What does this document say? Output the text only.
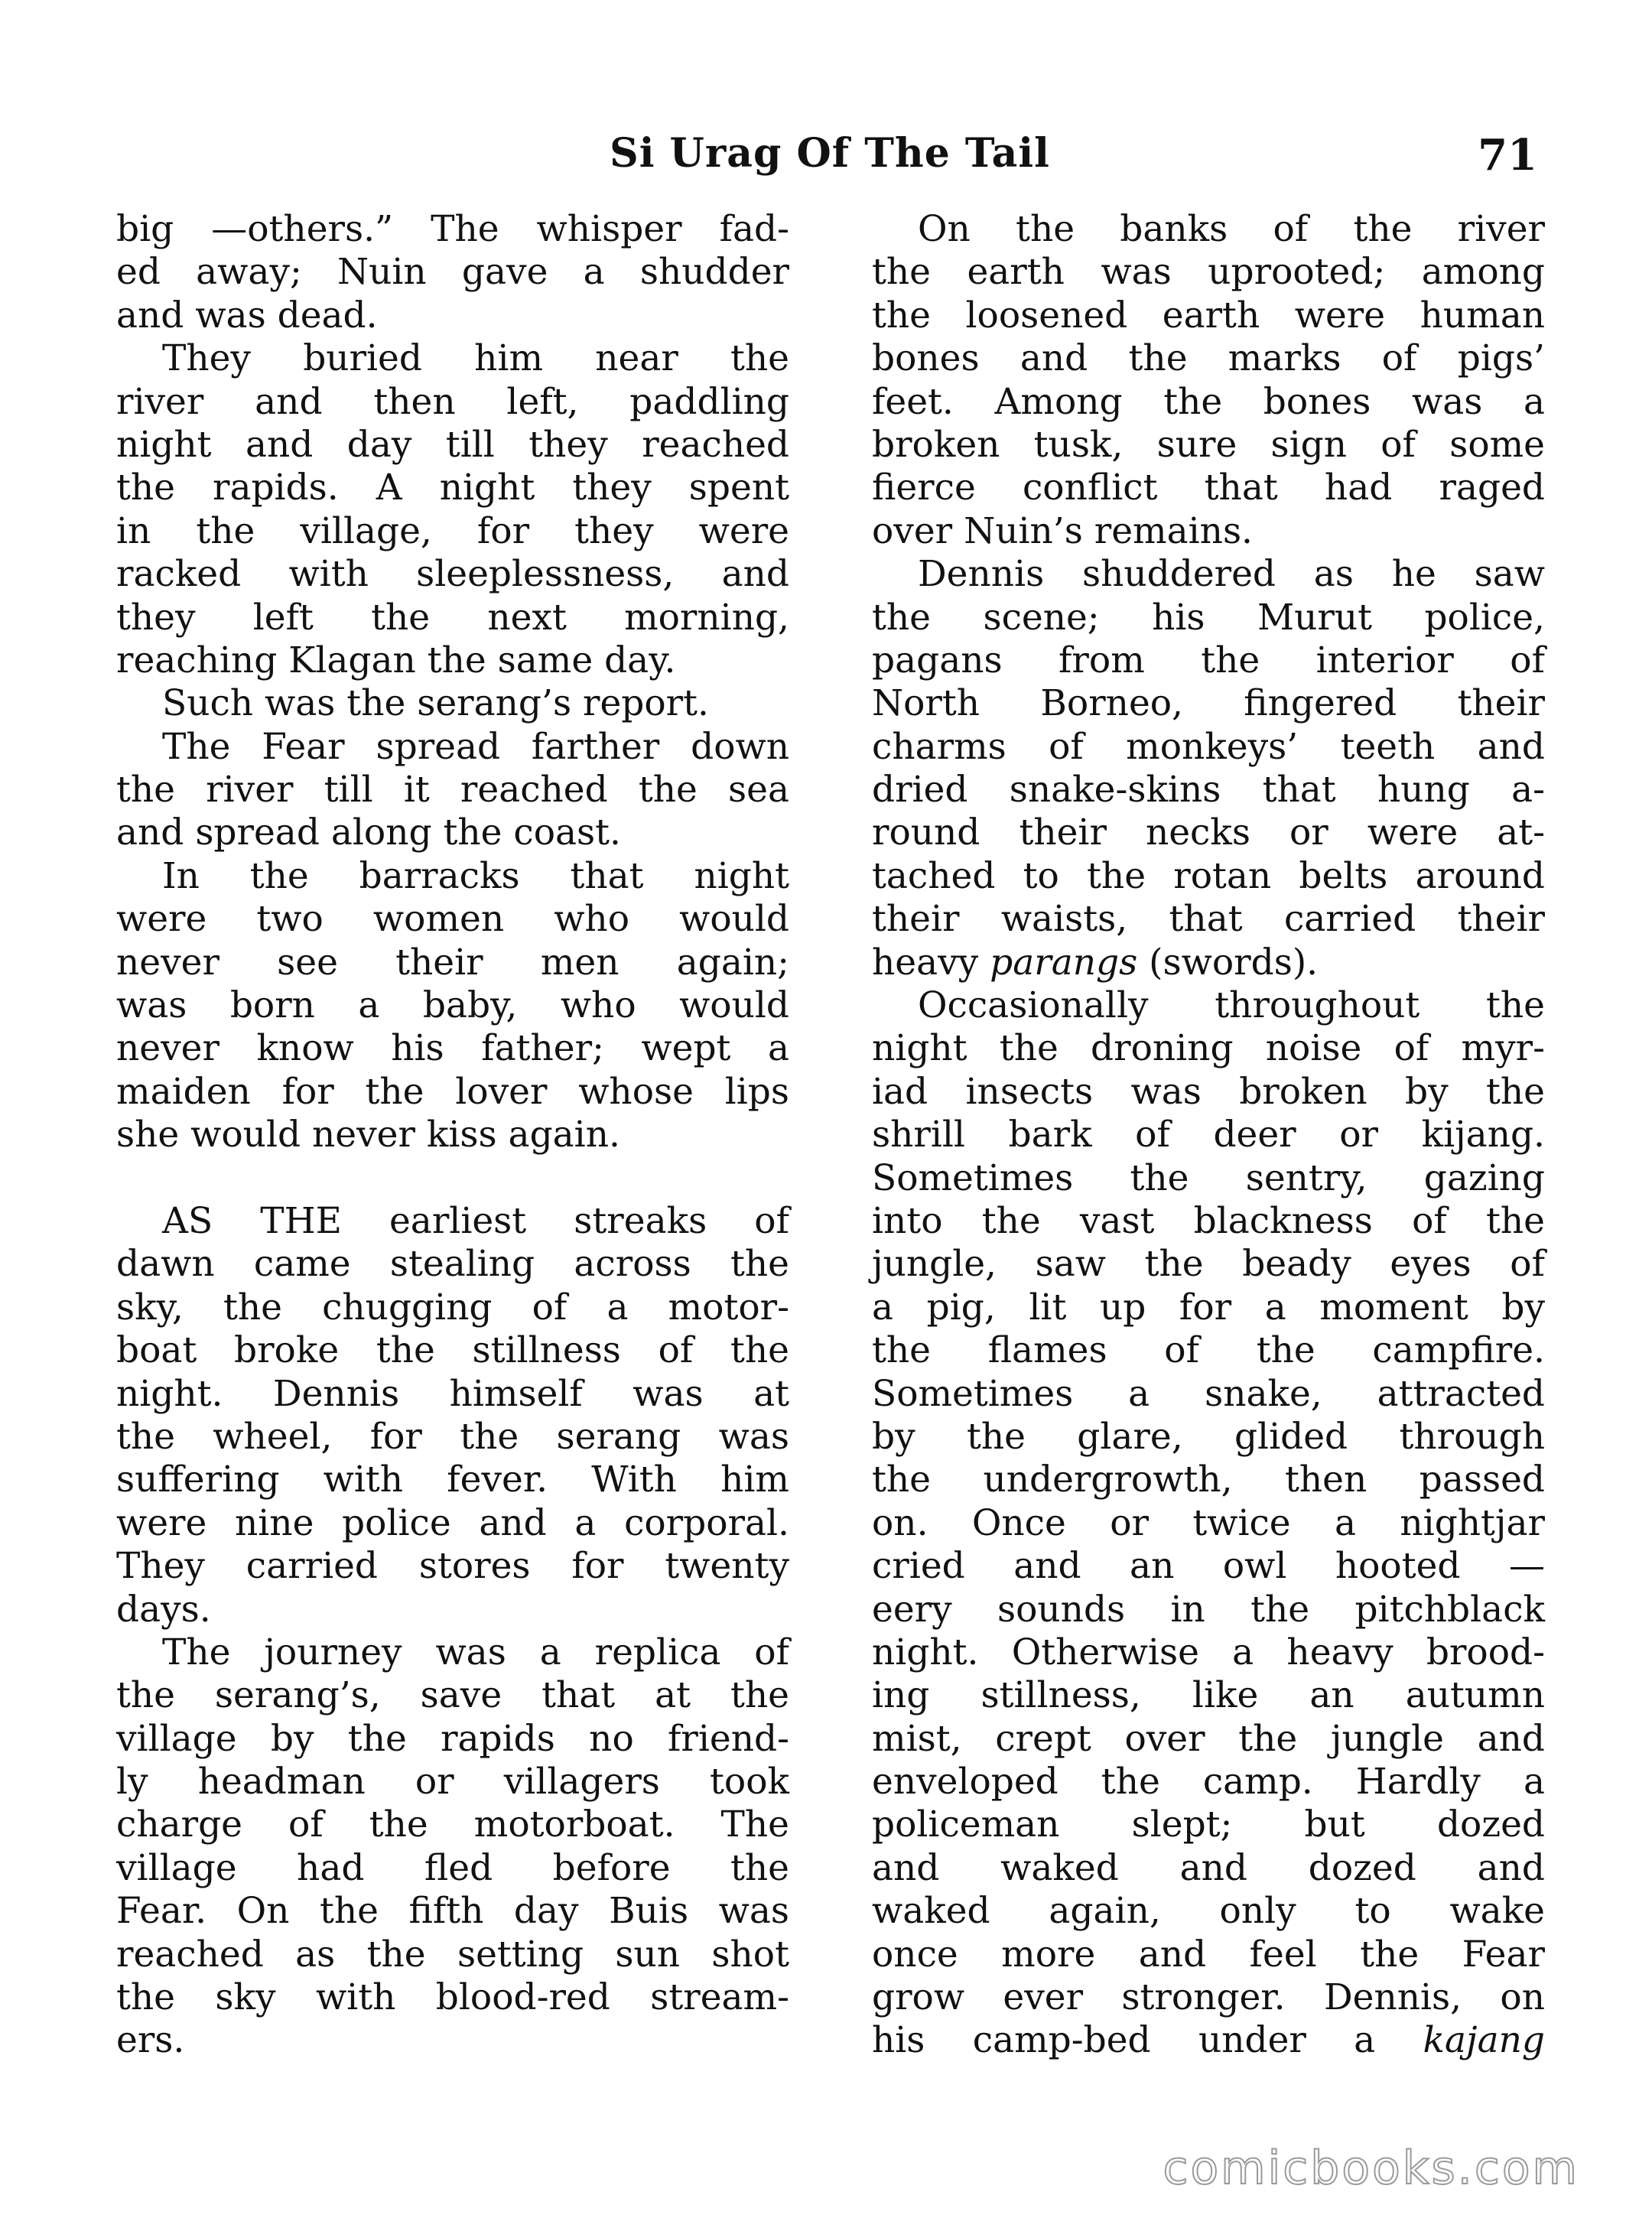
Si Urag Of The Tail	71
big —others.” The whisper fad-
ed away; Nuin gave a shudder
and was dead.
They buried him near the
river and then left, paddling
night and day till they reached
the rapids. A night they spent
in the village, for they were
racked with sleeplessness, and
they left the next morning,
reaching Klagan the same day.
Such was the serang’s report.
The Fear spread farther down
the river till it reached the sea
and spread along the coast.
In the barracks that night
were two women who would
never see their men again;
was born a baby, who would
never know his father; wept a
maiden for the lover whose lips
she would never kiss again.
AS THE earliest streaks of
dawn came stealing across the
sky, the chugging of a motor-
boat broke the stillness of the
night. Dennis himself was at
the wheel, for the serang was
suffering with fever. With him
were nine police and a corporal.
They carried stores for twenty
days.
The journey was a replica of
the serang’s, save that at the
village by the rapids no friend-
ly headman or villagers took
charge of the motorboat. The
village had fled before the
Fear. On the fifth day Buis was
reached as the setting sun shot
the sky with blood-red stream-
ers.
On the banks of the river
the earth was uprooted; among
the loosened earth were human
bones and the marks of pigs’
feet. Among the bones was a
broken tusk, sure sign of some
fierce conflict that had raged
over Nuin’s remains.
Dennis shuddered as he saw
the scene; his Murut police,
pagans from the interior of
North Borneo, fingered their
charms of monkeys’ teeth and
dried snake-skins that hung a-
round their necks or were at-
tached to the rotan belts around
their waists, that carried their
heavy parangs (swords).
Occasionally throughout the
night the droning noise of myr-
iad insects was broken by the
shrill bark of deer or kijang.
Sometimes the sentry, gazing
into the vast blackness of the
jungle, saw the beady eyes of
a pig, lit up for a moment by
the flames of the campfire.
Sometimes a snake, attracted
by the glare, glided through
the undergrowth, then passed
on. Once or twice a nightjar
cried and an owl hooted —
eery sounds in the pitchblack
night. Otherwise a heavy brood-
ing stillness, like an autumn
mist, crept over the jungle and
enveloped the camp. Hardly a
policeman slept; but dozed
and waked and dozed and
waked again, only to wake
once more and feel the Fear
grow ever stronger. Dennis, on
his camp-bed under a kajang
comicbooks.com
